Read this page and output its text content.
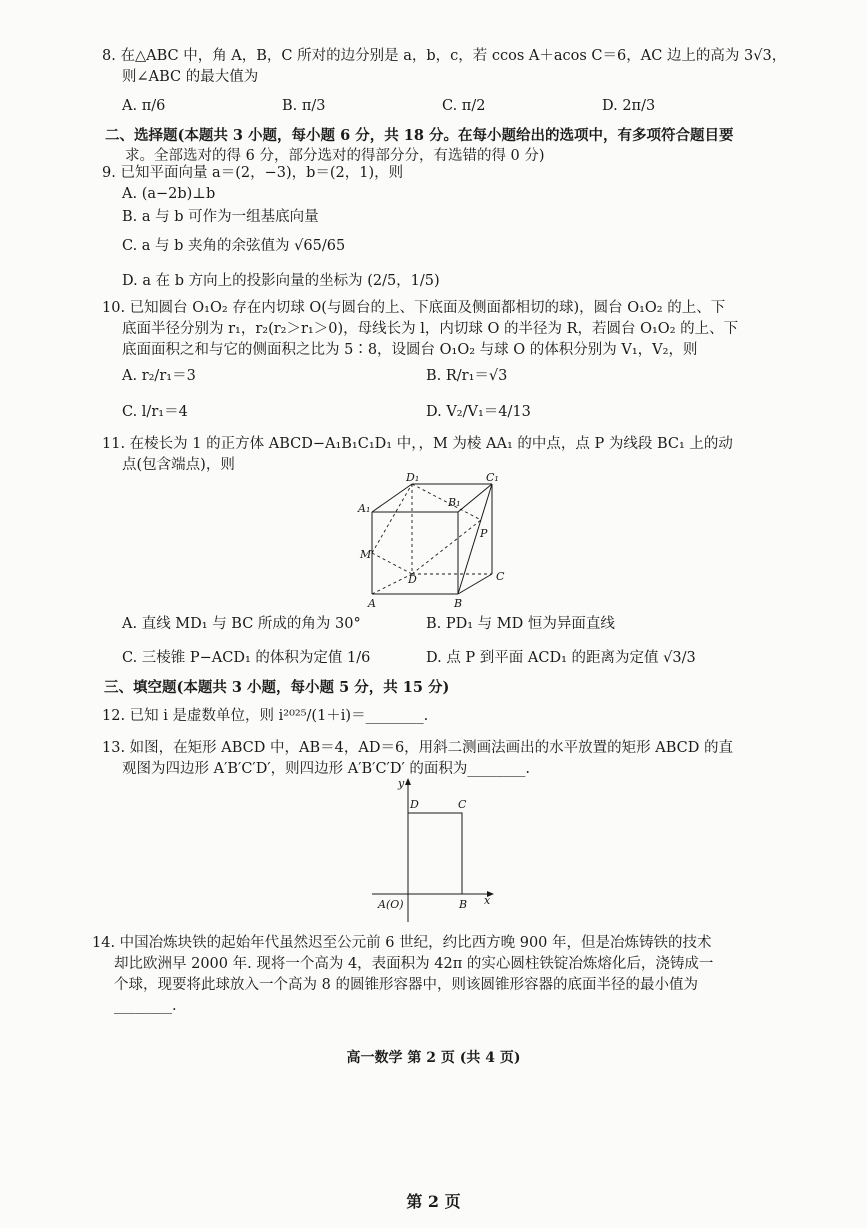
8. 在△ABC 中，角 A，B，C 所对的边分别是 a，b，c，若 ccos A＋acos C＝6，AC 边上的高为 3√3，
则∠ABC 的最大值为
A. π/6	B. π/3	C. π/2	D. 2π/3
二、选择题(本题共 3 小题，每小题 6 分，共 18 分。在每小题给出的选项中，有多项符合题目要
求。全部选对的得 6 分，部分选对的得部分分，有选错的得 0 分)
9. 已知平面向量 a＝(2，−3)，b＝(2，1)，则
A. (a−2b)⊥b
B. a 与 b 可作为一组基底向量
C. a 与 b 夹角的余弦值为 √65/65
D. a 在 b 方向上的投影向量的坐标为 (2/5，1/5)
10. 已知圆台 O₁O₂ 存在内切球 O(与圆台的上、下底面及侧面都相切的球)，圆台 O₁O₂ 的上、下
底面半径分别为 r₁，r₂(r₂＞r₁＞0)，母线长为 l，内切球 O 的半径为 R，若圆台 O₁O₂ 的上、下
底面面积之和与它的侧面积之比为 5∶8，设圆台 O₁O₂ 与球 O 的体积分别为 V₁，V₂，则
A. r₂/r₁＝3	B. R/r₁＝√3
C. l/r₁＝4	D. V₂/V₁＝4/13
11. 在棱长为 1 的正方体 ABCD−A₁B₁C₁D₁ 中，，M 为棱 AA₁ 的中点，点 P 为线段 BC₁ 上的动
点(包含端点)，则
D₁	C₁
A₁	B₁
P
M
D	C
A	B
A. 直线 MD₁ 与 BC 所成的角为 30°	B. PD₁ 与 MD 恒为异面直线
C. 三棱锥 P−ACD₁ 的体积为定值 1/6	D. 点 P 到平面 ACD₁ 的距离为定值 √3/3
三、填空题(本题共 3 小题，每小题 5 分，共 15 分)
12. 已知 i 是虚数单位，则 i²⁰²⁵/(1＋i)＝________.
13. 如图，在矩形 ABCD 中，AB＝4，AD＝6，用斜二测画法画出的水平放置的矩形 ABCD 的直
观图为四边形 A′B′C′D′，则四边形 A′B′C′D′ 的面积为________.
y
x
D	C
A(O)	B
14. 中国冶炼块铁的起始年代虽然迟至公元前 6 世纪，约比西方晚 900 年，但是冶炼铸铁的技术
却比欧洲早 2000 年. 现将一个高为 4，表面积为 42π 的实心圆柱铁锭冶炼熔化后，浇铸成一
个球，现要将此球放入一个高为 8 的圆锥形容器中，则该圆锥形容器的底面半径的最小值为
________.
高一数学 第 2 页 (共 4 页)
第 2 页
